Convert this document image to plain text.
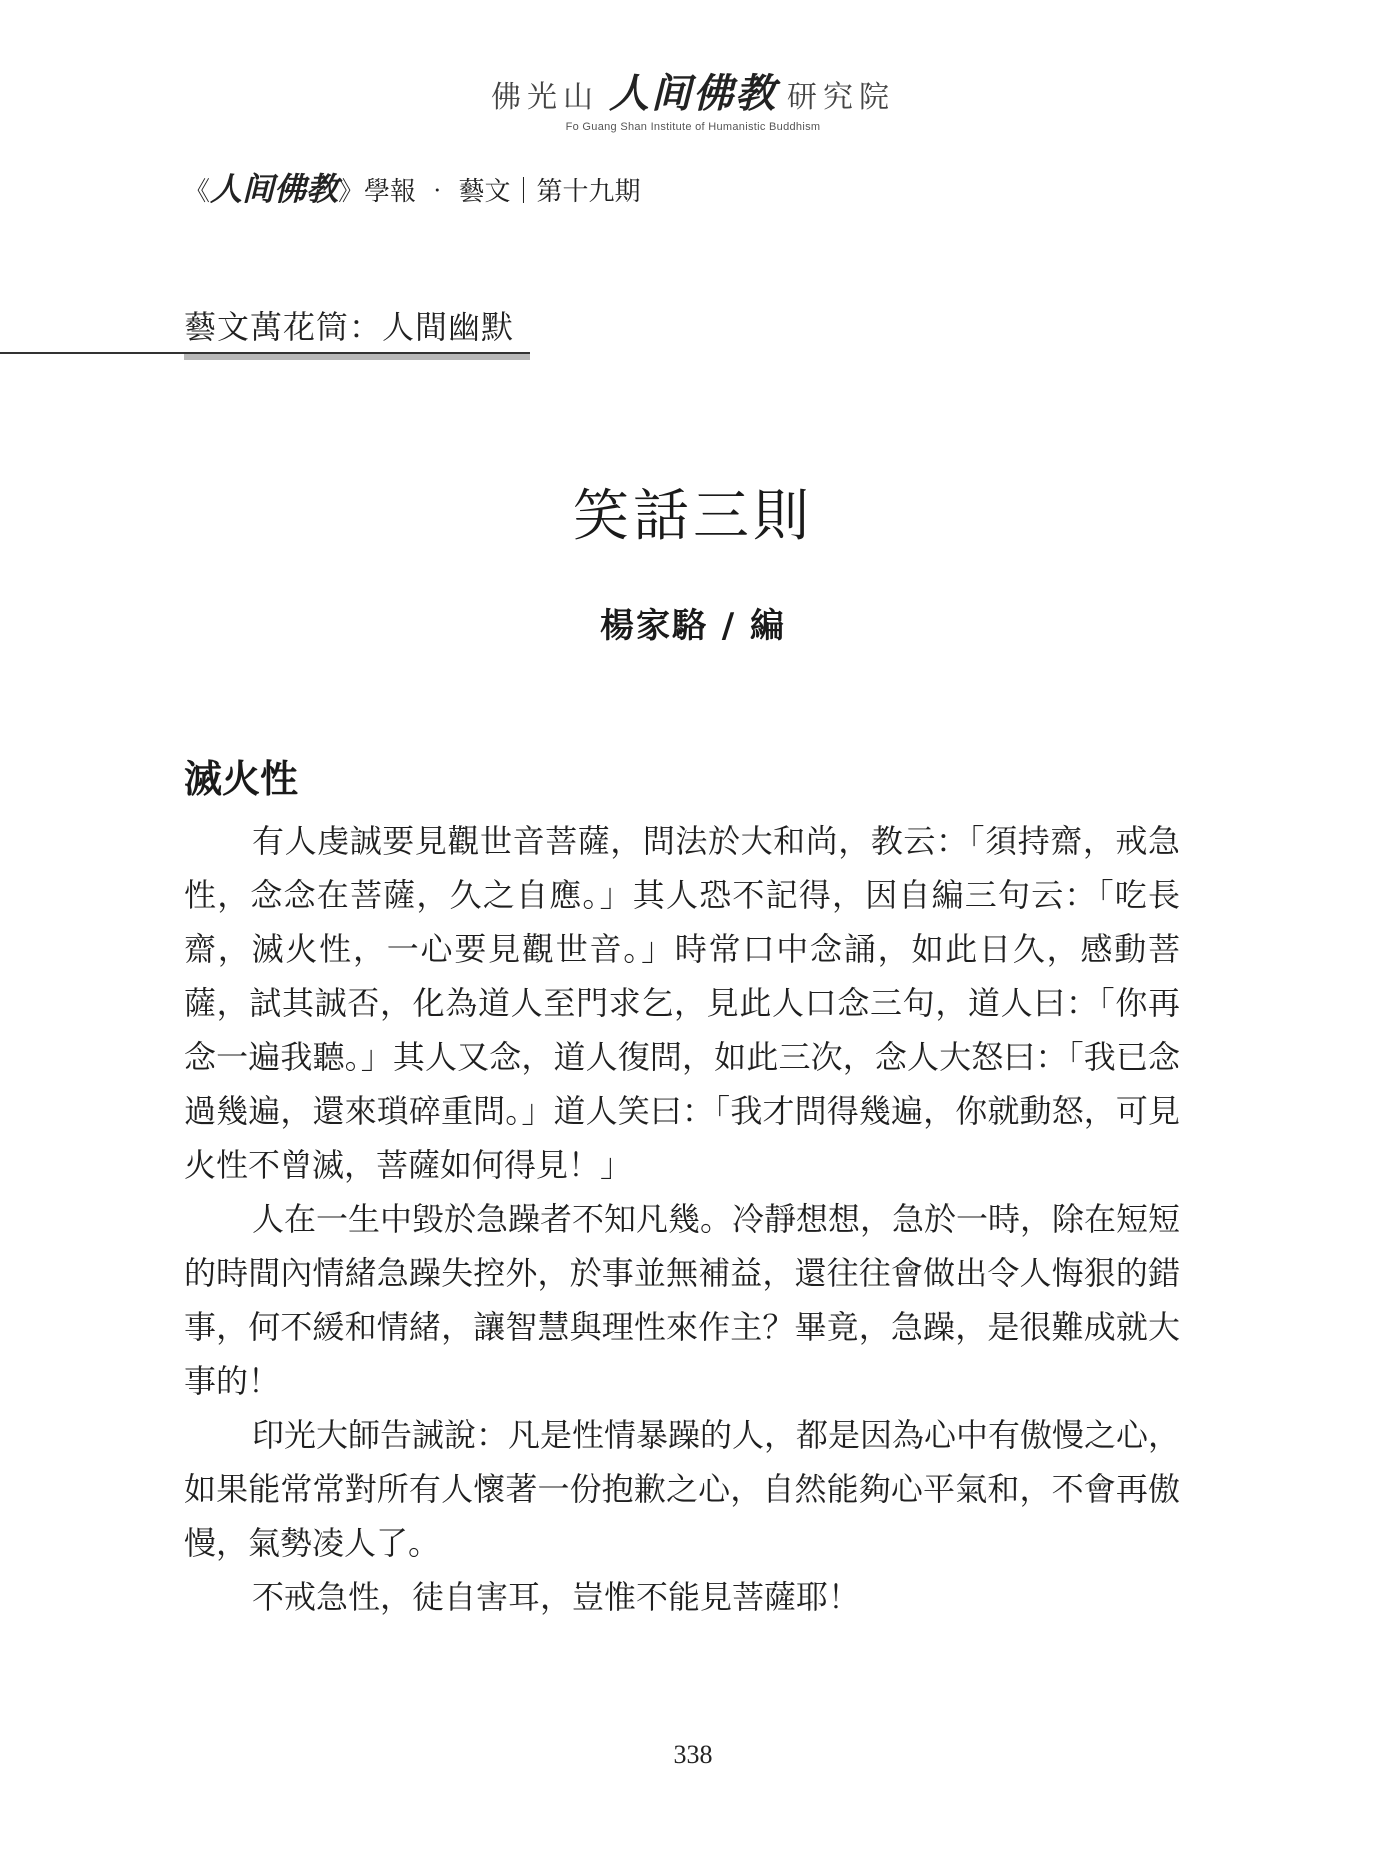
佛光山 人间佛教 研究院
Fo Guang Shan Institute of Humanistic Buddhism
《人间佛教》學報 ‧ 藝文｜第十九期
藝文萬花筒：人間幽默
笑話三則
楊家駱 / 編
滅火性

有人虔誠要見觀世音菩薩，問法於大和尚，教云：「須持齋，戒急性，念念在菩薩，久之自應。」其人恐不記得，因自編三句云：「吃長齋，滅火性，一心要見觀世音。」時常口中念誦，如此日久，感動菩薩，試其誠否，化為道人至門求乞，見此人口念三句，道人曰：「你再念一遍我聽。」其人又念，道人復問，如此三次，念人大怒曰：「我已念過幾遍，還來瑣碎重問。」道人笑曰：「我才問得幾遍，你就動怒，可見火性不曾滅，菩薩如何得見！」

人在一生中毀於急躁者不知凡幾。冷靜想想，急於一時，除在短短的時間內情緒急躁失控外，於事並無補益，還往往會做出令人悔狠的錯事，何不緩和情緒，讓智慧與理性來作主？畢竟，急躁，是很難成就大事的！

印光大師告誡說：凡是性情暴躁的人，都是因為心中有傲慢之心，如果能常常對所有人懷著一份抱歉之心，自然能夠心平氣和，不會再傲慢，氣勢凌人了。

不戒急性，徒自害耳，豈惟不能見菩薩耶！

338
